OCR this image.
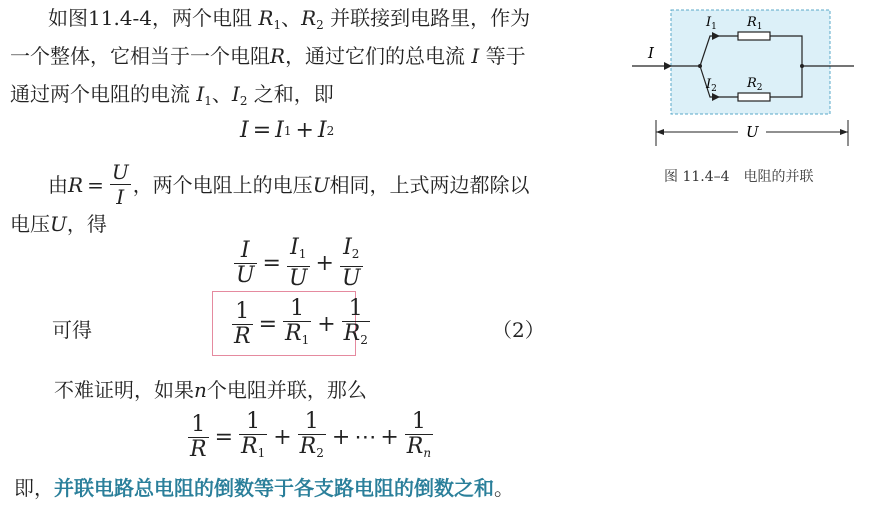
如图11.4-4，两个电阻 $R_1$、$R_2$ 并联接到电路里，作为
一个整体，它相当于一个电阻R，通过它们的总电流 I 等于
通过两个电阻的电流 $I_1$、$I_2$ 之和，即
I = I 1 + I 2
由 $R = \frac{U}{I}$ ，两个电阻上的电压 U 相同，上式两边都除以
电压U，得
$\frac{I}{U} = \frac{I_1}{U} + \frac{I_2}{U}$
可得	$\frac{1}{R} = \frac{1}{R_1} + \frac{1}{R_2}$	（2）
不难证明，如果n个电阻并联，那么
$\frac{1}{R} = \frac{1}{R_1} + \frac{1}{R_2}$ + ⋯ + $\frac{1}{R_n}$
即，并联电路总电阻的倒数等于各支路电阻的倒数之和。
I
$I_1$ $R_1$
$I_2$ $R_2$
U
图 11.4–4　电阻的并联
